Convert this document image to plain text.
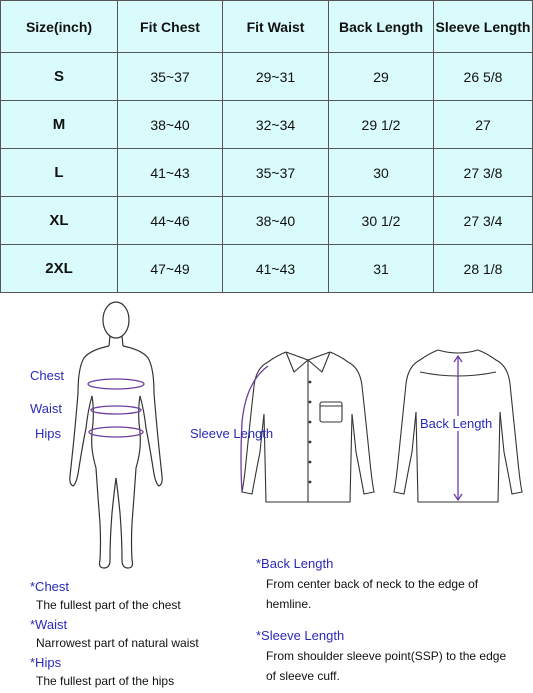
Size(inch)	Fit Chest	Fit Waist	Back Length	Sleeve Length
S	35~37	29~31	29	26 5/8
M	38~40	32~34	29 1/2	27
L	41~43	35~37	30	27 3/8
XL	44~46	38~40	30 1/2	27 3/4
2XL	47~49	41~43	31	28 1/8
Chest
Waist
Hips	Sleeve Length
Back Length
*Chest
The fullest part of the chest
*Waist
Narrowest part of natural waist
*Hips
The fullest part of the hips
*Back Length
From center back of neck to the edge of
hemline.
*Sleeve Length
From shoulder sleeve point(SSP) to the edge
of sleeve cuff.
